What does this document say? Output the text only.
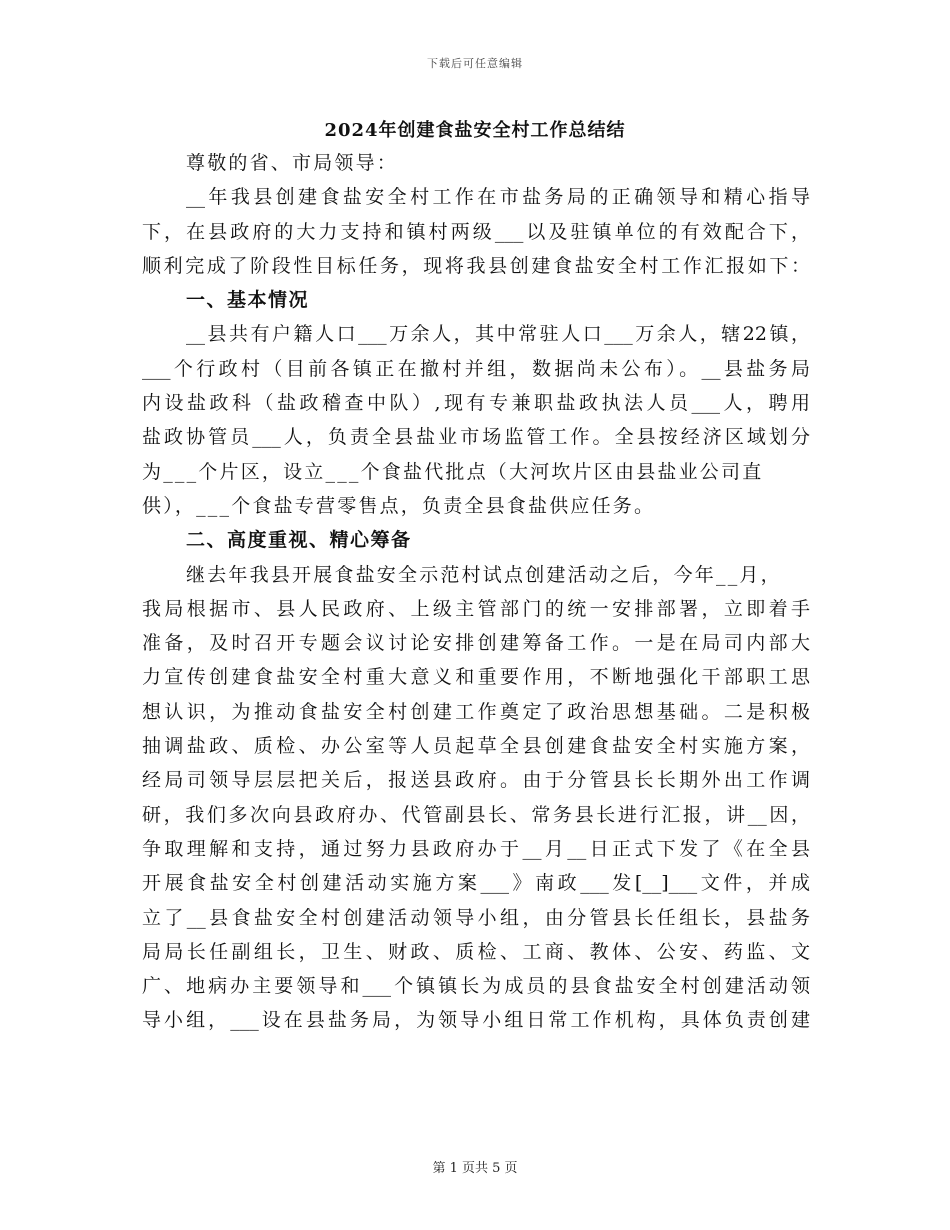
下载后可任意编辑
2024年创建食盐安全村工作总结结
尊敬的省、市局领导：
__年我县创建食盐安全村工作在市盐务局的正确领导和精心指导
下，在县政府的大力支持和镇村两级___以及驻镇单位的有效配合下，
顺利完成了阶段性目标任务，现将我县创建食盐安全村工作汇报如下：
一、基本情况
__县共有户籍人口___万余人，其中常驻人口___万余人，辖22镇，
___个行政村（目前各镇正在撤村并组，数据尚未公布）。__县盐务局
内设盐政科（盐政稽查中队）,现有专兼职盐政执法人员___人，聘用
盐政协管员___人，负责全县盐业市场监管工作。全县按经济区域划分
为___个片区，设立___个食盐代批点（大河坎片区由县盐业公司直
供），___个食盐专营零售点，负责全县食盐供应任务。
二、高度重视、精心筹备
继去年我县开展食盐安全示范村试点创建活动之后，今年__月，
我局根据市、县人民政府、上级主管部门的统一安排部署，立即着手
准备，及时召开专题会议讨论安排创建筹备工作。一是在局司内部大
力宣传创建食盐安全村重大意义和重要作用，不断地强化干部职工思
想认识，为推动食盐安全村创建工作奠定了政治思想基础。二是积极
抽调盐政、质检、办公室等人员起草全县创建食盐安全村实施方案，
经局司领导层层把关后，报送县政府。由于分管县长长期外出工作调
研，我们多次向县政府办、代管副县长、常务县长进行汇报，讲__因，
争取理解和支持，通过努力县政府办于__月__日正式下发了《在全县
开展食盐安全村创建活动实施方案___》南政___发[__]___文件，并成
立了__县食盐安全村创建活动领导小组，由分管县长任组长，县盐务
局局长任副组长，卫生、财政、质检、工商、教体、公安、药监、文
广、地病办主要领导和___个镇镇长为成员的县食盐安全村创建活动领
导小组，___设在县盐务局，为领导小组日常工作机构，具体负责创建
第 1 页共 5 页
